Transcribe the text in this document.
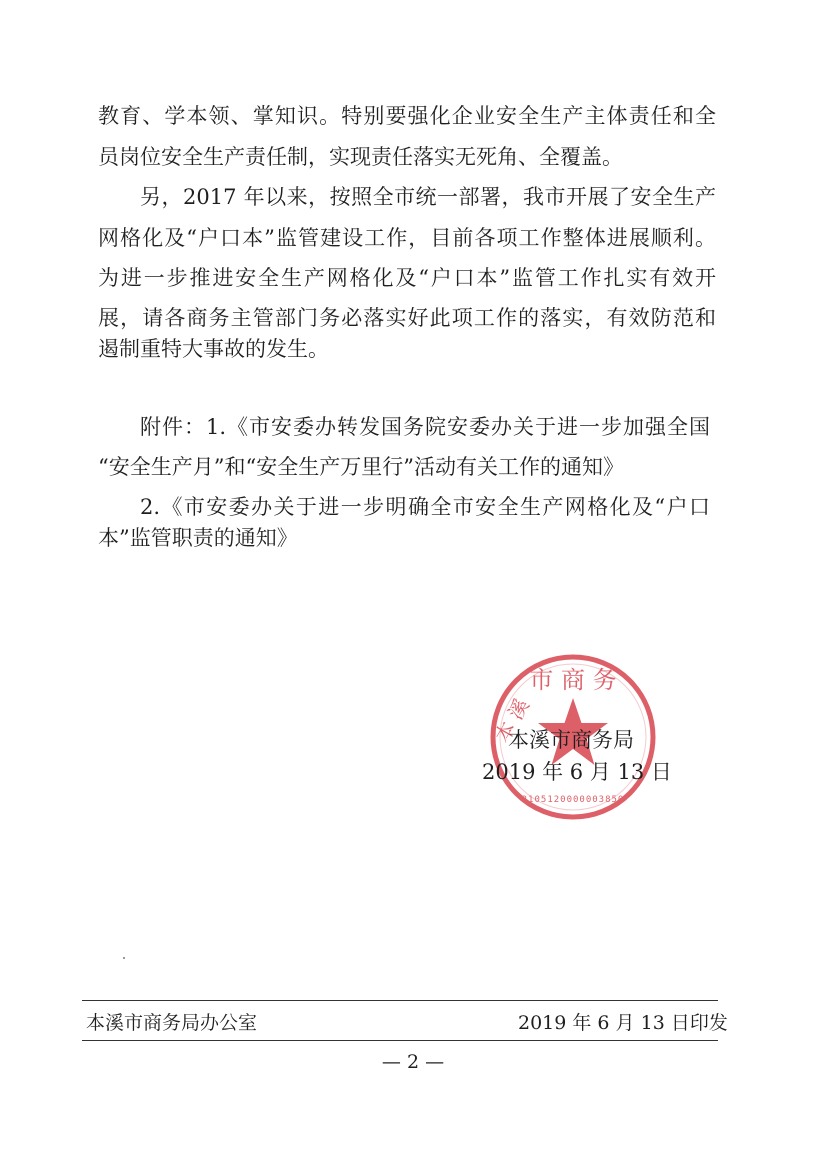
教育、学本领、掌知识。特别要强化企业安全生产主体责任和全
员岗位安全生产责任制，实现责任落实无死角、全覆盖。
另，2017 年以来，按照全市统一部署，我市开展了安全生产
网格化及“户口本”监管建设工作，目前各项工作整体进展顺利。
为进一步推进安全生产网格化及“户口本”监管工作扎实有效开
展，请各商务主管部门务必落实好此项工作的落实，有效防范和
遏制重特大事故的发生。
附件：1.《市安委办转发国务院安委办关于进一步加强全国
“安全生产月”和“安全生产万里行”活动有关工作的通知》
2.《市安委办关于进一步明确全市安全生产网格化及“户口
本”监管职责的通知》
市 商 务
本 溪
2105120000003850
本溪市商务局
2019 年 6 月 13 日
本溪市商务局办公室	2019 年 6 月 13 日印发
— 2 —
